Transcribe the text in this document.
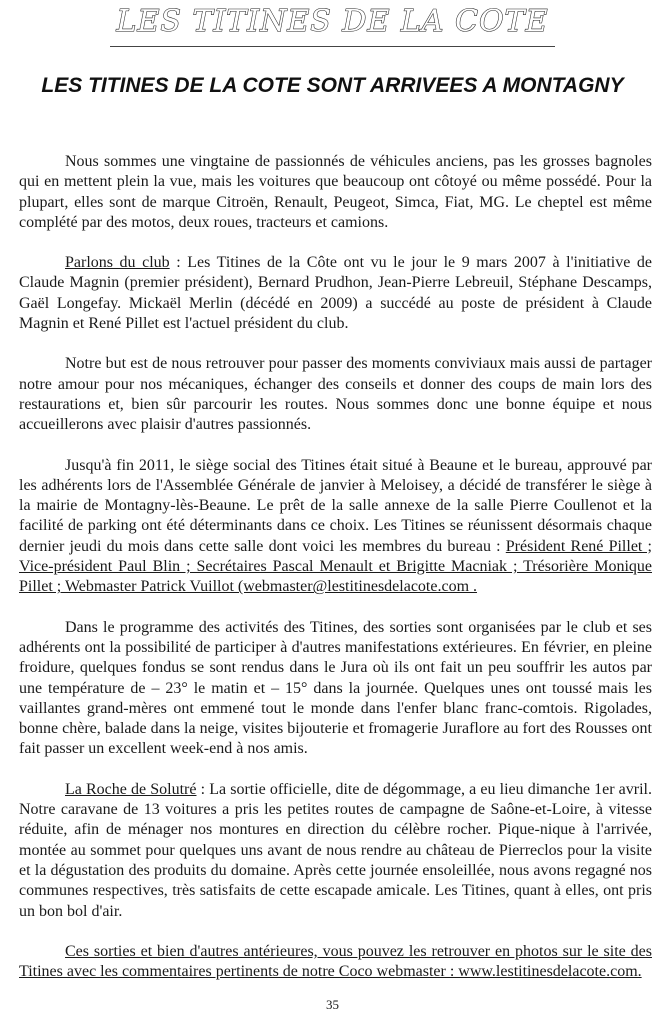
LES TITINES DE LA COTE
LES TITINES DE LA COTE SONT ARRIVEES A MONTAGNY

Nous sommes une vingtaine de passionnés de véhicules anciens, pas les grosses bagnoles qui en mettent plein la vue, mais les voitures que beaucoup ont côtoyé ou même possédé. Pour la plupart, elles sont de marque Citroën, Renault, Peugeot, Simca, Fiat, MG. Le cheptel est même complété par des motos, deux roues, tracteurs et camions.

Parlons du club : Les Titines de la Côte ont vu le jour le 9 mars 2007 à l'initiative de Claude Magnin (premier président), Bernard Prudhon, Jean-Pierre Lebreuil, Stéphane Descamps, Gaël Longefay. Mickaël Merlin (décédé en 2009) a succédé au poste de président à Claude Magnin et René Pillet est l'actuel président du club.

Notre but est de nous retrouver pour passer des moments conviviaux mais aussi de partager notre amour pour nos mécaniques, échanger des conseils et donner des coups de main lors des restaurations et, bien sûr parcourir les routes. Nous sommes donc une bonne équipe et nous accueillerons avec plaisir d'autres passionnés.

Jusqu'à fin 2011, le siège social des Titines était situé à Beaune et le bureau, approuvé par les adhérents lors de l'Assemblée Générale de janvier à Meloisey, a décidé de transférer le siège à la mairie de Montagny-lès-Beaune. Le prêt de la salle annexe de la salle Pierre Coullenot et la facilité de parking ont été déterminants dans ce choix. Les Titines se réunissent désormais chaque dernier jeudi du mois dans cette salle dont voici les membres du bureau : Président René Pillet ; Vice-président Paul Blin ; Secrétaires Pascal Menault et Brigitte Macniak ; Trésorière Monique Pillet ; Webmaster Patrick Vuillot (webmaster@lestitinesdelacote.com .

Dans le programme des activités des Titines, des sorties sont organisées par le club et ses adhérents ont la possibilité de participer à d'autres manifestations extérieures. En février, en pleine froidure, quelques fondus se sont rendus dans le Jura où ils ont fait un peu souffrir les autos par une température de – 23° le matin et – 15° dans la journée. Quelques unes ont toussé mais les vaillantes grand-mères ont emmené tout le monde dans l'enfer blanc franc-comtois. Rigolades, bonne chère, balade dans la neige, visites bijouterie et fromagerie Juraflore au fort des Rousses ont fait passer un excellent week-end à nos amis.

La Roche de Solutré : La sortie officielle, dite de dégommage, a eu lieu dimanche 1er avril. Notre caravane de 13 voitures a pris les petites routes de campagne de Saône-et-Loire, à vitesse réduite, afin de ménager nos montures en direction du célèbre rocher. Pique-nique à l'arrivée, montée au sommet pour quelques uns avant de nous rendre au château de Pierreclos pour la visite et la dégustation des produits du domaine. Après cette journée ensoleillée, nous avons regagné nos communes respectives, très satisfaits de cette escapade amicale. Les Titines, quant à elles, ont pris un bon bol d'air.

Ces sorties et bien d'autres antérieures, vous pouvez les retrouver en photos sur le site des Titines avec les commentaires pertinents de notre Coco webmaster : www.lestitinesdelacote.com.

35
